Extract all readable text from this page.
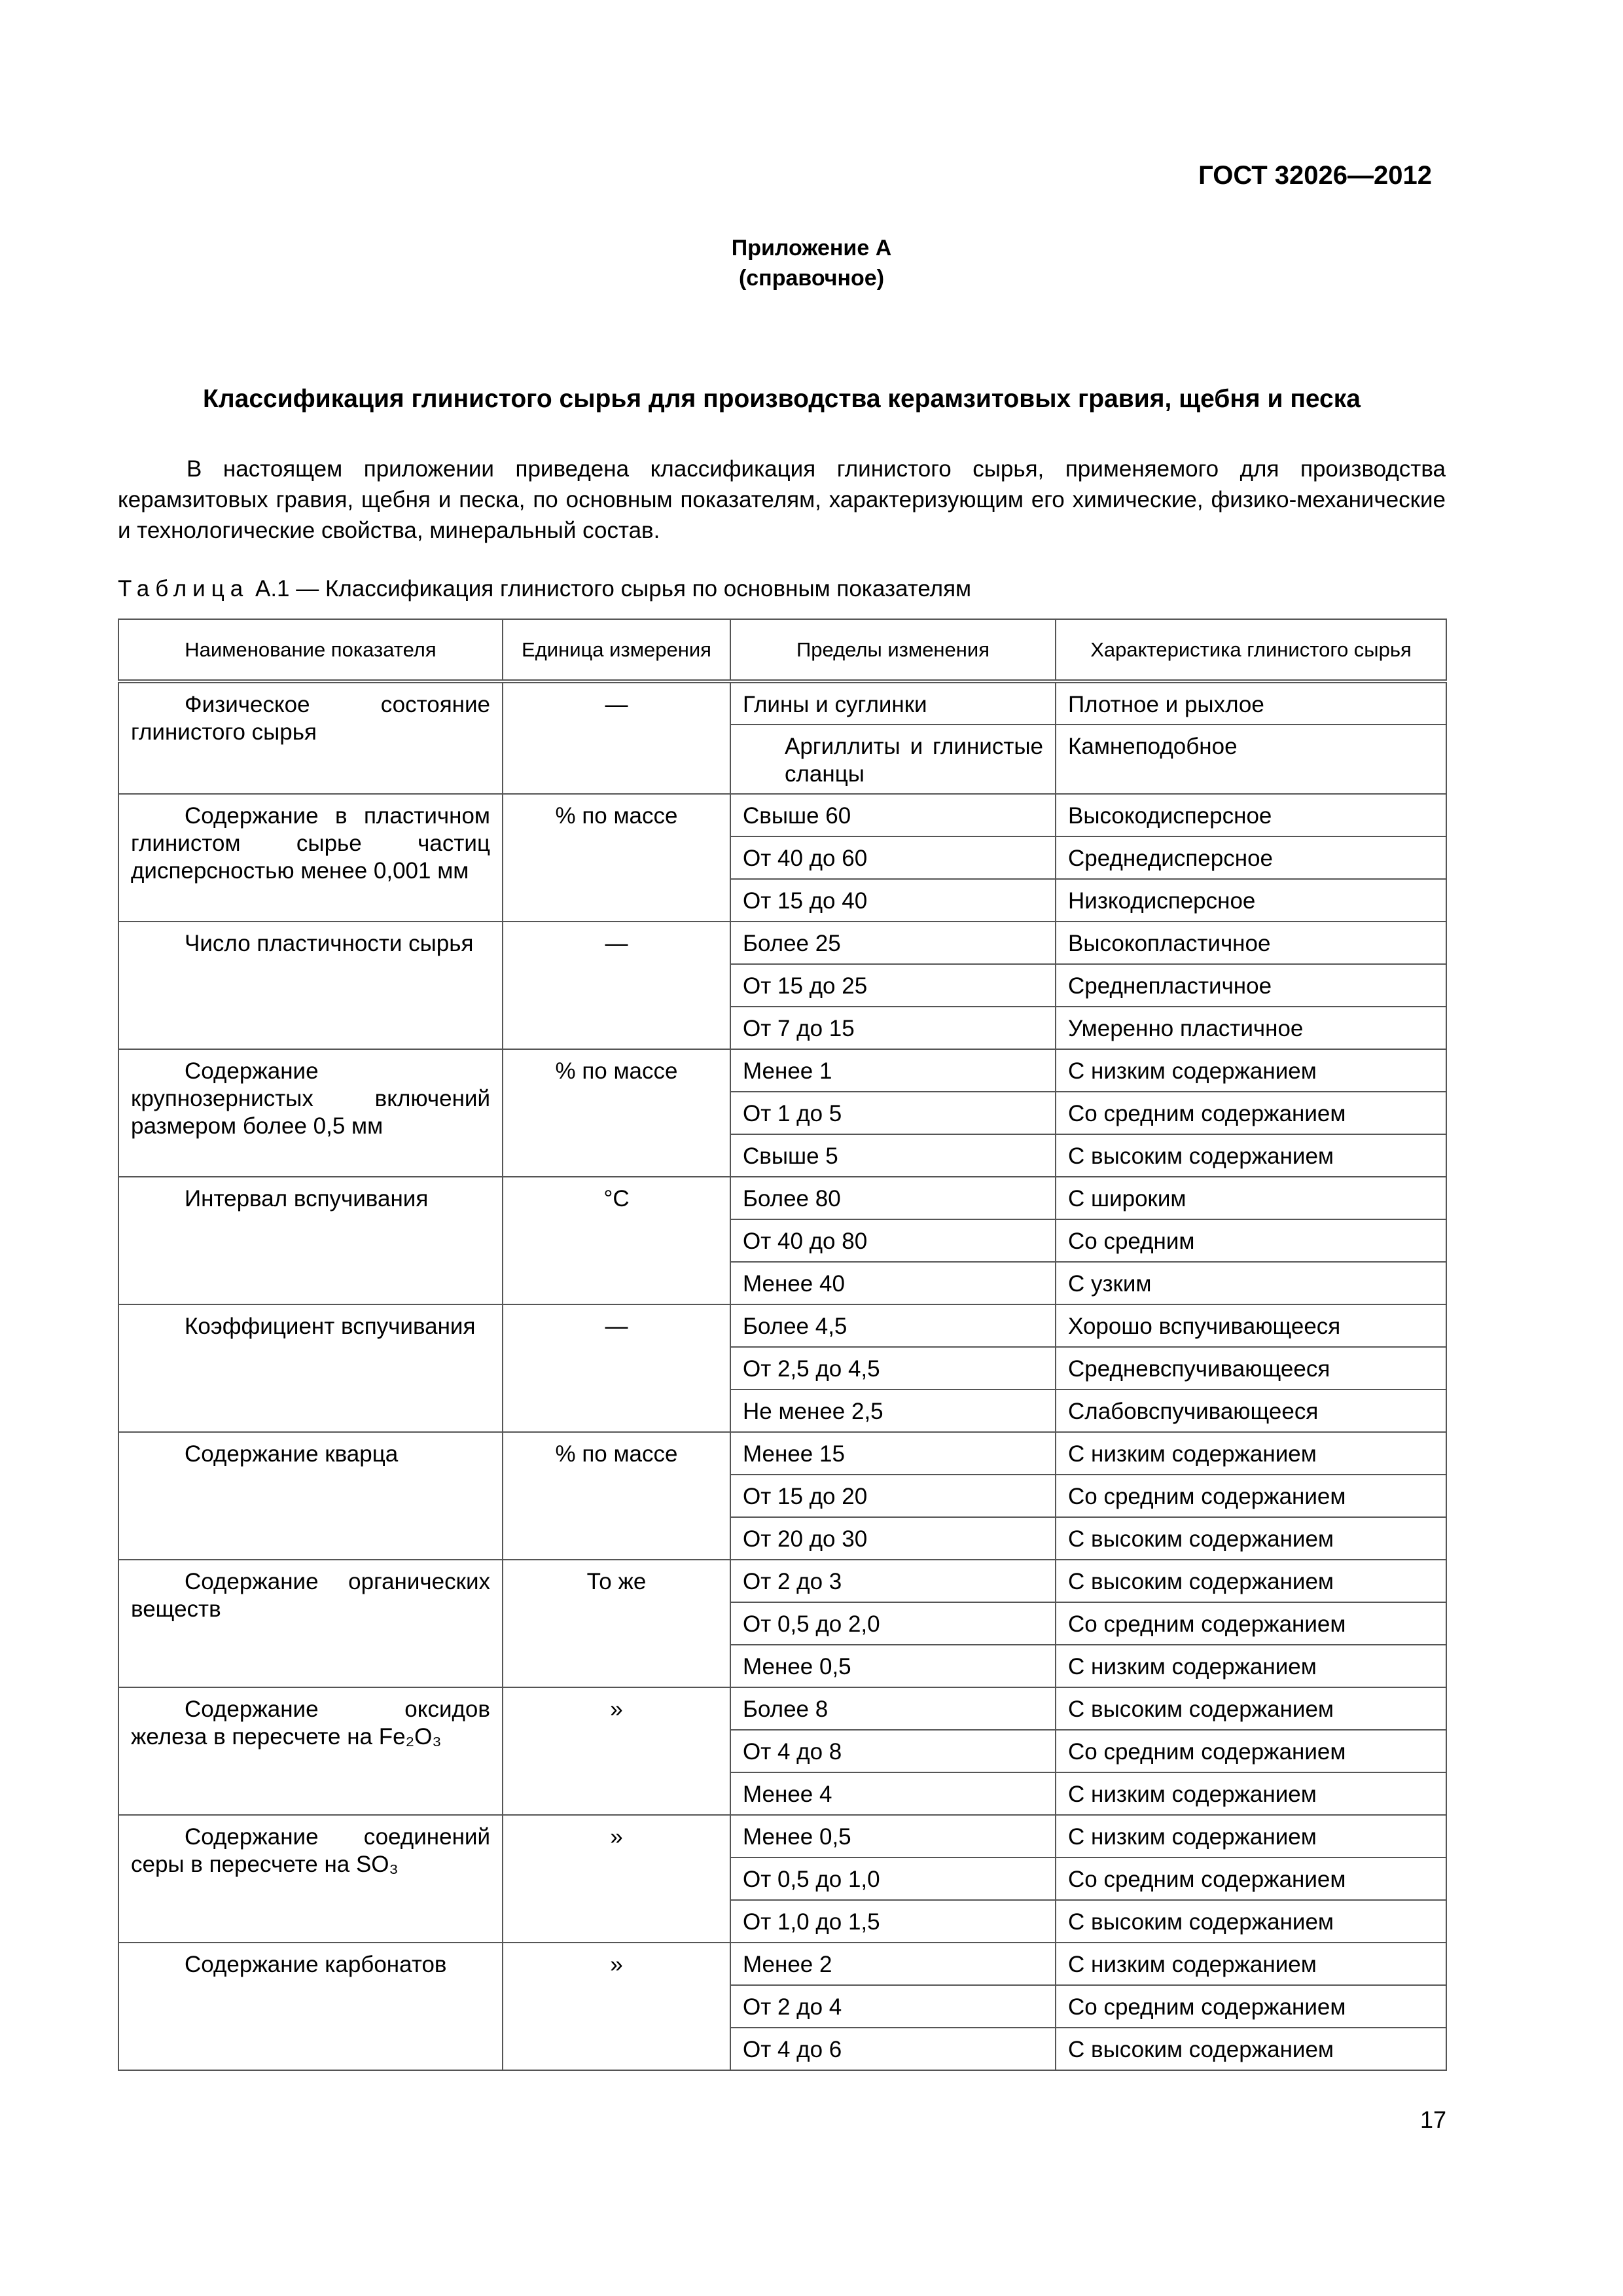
ГОСТ 32026—2012
Приложение А
(справочное)
Классификация глинистого сырья для производства керамзитовых гравия, щебня и песка
В настоящем приложении приведена классификация глинистого сырья, применяемого для производства керамзитовых гравия, щебня и песка, по основным показателям, характеризующим его химические, физико-механические и технологические свойства, минеральный состав.
Таблица А.1 — Классификация глинистого сырья по основным показателям
Наименование показателя	Единица измерения	Пределы изменения	Характеристика глинистого сырья
Физическое состояние глинистого сырья	—	Глины и суглинки	Плотное и рыхлое
		Аргиллиты и глинистые сланцы	Камнеподобное
Содержание в пластичном глинистом сырье частиц дисперсностью менее 0,001 мм	% по массе	Свыше 60	Высокодисперсное
		От 40 до 60	Среднедисперсное
		От 15 до 40	Низкодисперсное
Число пластичности сырья	—	Более 25	Высокопластичное
		От 15 до 25	Среднепластичное
		От 7 до 15	Умеренно пластичное
Содержание крупнозернистых включений размером более 0,5 мм	% по массе	Менее 1	С низким содержанием
		От 1 до 5	Со средним содержанием
		Свыше 5	С высоким содержанием
Интервал вспучивания	°С	Более 80	С широким
		От 40 до 80	Со средним
		Менее 40	С узким
Коэффициент вспучивания	—	Более 4,5	Хорошо вспучивающееся
		От 2,5 до 4,5	Средневспучивающееся
		Не менее 2,5	Слабовспучивающееся
Содержание кварца	% по массе	Менее 15	С низким содержанием
		От 15 до 20	Со средним содержанием
		От 20 до 30	С высоким содержанием
Содержание органических веществ	То же	От 2 до 3	С высоким содержанием
		От 0,5 до 2,0	Со средним содержанием
		Менее 0,5	С низким содержанием
Содержание оксидов железа в пересчете на Fe₂O₃	»	Более 8	С высоким содержанием
		От 4 до 8	Со средним содержанием
		Менее 4	С низким содержанием
Содержание соединений серы в пересчете на SO₃	»	Менее 0,5	С низким содержанием
		От 0,5 до 1,0	Со средним содержанием
		От 1,0 до 1,5	С высоким содержанием
Содержание карбонатов	»	Менее 2	С низким содержанием
		От 2 до 4	Со средним содержанием
		От 4 до 6	С высоким содержанием
17
